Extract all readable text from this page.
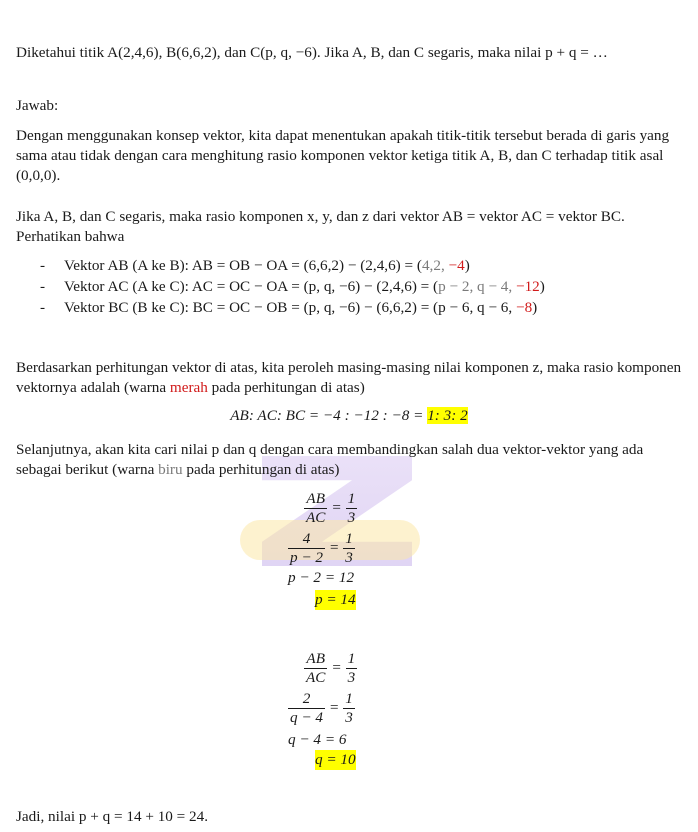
Diketahui titik A(2,4,6), B(6,6,2), dan C(p, q, −6). Jika A, B, dan C segaris, maka nilai p + q = …

Jawab:

Dengan menggunakan konsep vektor, kita dapat menentukan apakah titik-titik tersebut berada di garis yang sama atau tidak dengan cara menghitung rasio komponen vektor ketiga titik A, B, dan C terhadap titik asal (0,0,0).

Jika A, B, dan C segaris, maka rasio komponen x, y, dan z dari vektor AB = vektor AC = vektor BC. Perhatikan bahwa

- Vektor AB (A ke B): AB = OB − OA = (6,6,2) − (2,4,6) = (4,2, −4)
- Vektor AC (A ke C): AC = OC − OA = (p, q, −6) − (2,4,6) = (p − 2, q − 4, −12)
- Vektor BC (B ke C): BC = OC − OB = (p, q, −6) − (6,6,2) = (p − 6, q − 6, −8)

Berdasarkan perhitungan vektor di atas, kita peroleh masing-masing nilai komponen z, maka rasio komponen vektornya adalah (warna merah pada perhitungan di atas)

AB: AC: BC = −4 : −12 : −8 = 1: 3: 2

Selanjutnya, akan kita cari nilai p dan q dengan cara membandingkan salah dua vektor-vektor yang ada sebagai berikut (warna biru pada perhitungan di atas)

$\frac{AB}{AC} = \frac{1}{3}$
$\frac{4}{p - 2} = \frac{1}{3}$
p − 2 = 12
p = 14
$\frac{AB}{AC} = \frac{1}{3}$
$\frac{2}{q - 4} = \frac{1}{3}$
q − 4 = 6
q = 10

Jadi, nilai p + q = 14 + 10 = 24.
